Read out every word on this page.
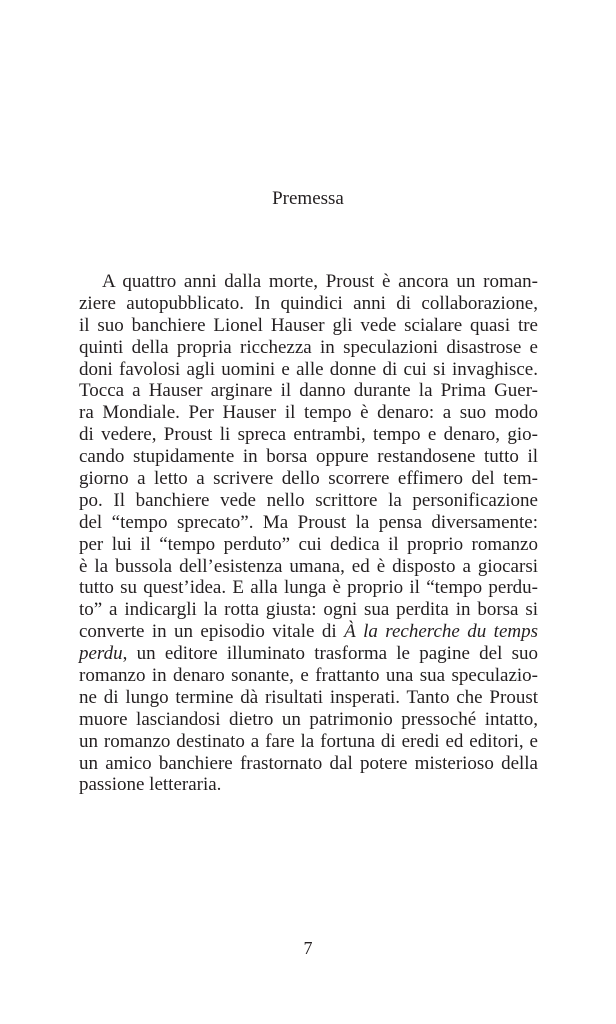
Premessa
A quattro anni dalla morte, Proust è ancora un roman-
ziere autopubblicato. In quindici anni di collaborazione,
il suo banchiere Lionel Hauser gli vede scialare quasi tre
quinti della propria ricchezza in speculazioni disastrose e
doni favolosi agli uomini e alle donne di cui si invaghisce.
Tocca a Hauser arginare il danno durante la Prima Guer-
ra Mondiale. Per Hauser il tempo è denaro: a suo modo
di vedere, Proust li spreca entrambi, tempo e denaro, gio-
cando stupidamente in borsa oppure restandosene tutto il
giorno a letto a scrivere dello scorrere effimero del tem-
po. Il banchiere vede nello scrittore la personificazione
del “tempo sprecato”. Ma Proust la pensa diversamente:
per lui il “tempo perduto” cui dedica il proprio romanzo
è la bussola dell’esistenza umana, ed è disposto a giocarsi
tutto su quest’idea. E alla lunga è proprio il “tempo perdu-
to” a indicargli la rotta giusta: ogni sua perdita in borsa si
converte in un episodio vitale di À la recherche du temps
perdu, un editore illuminato trasforma le pagine del suo
romanzo in denaro sonante, e frattanto una sua speculazio-
ne di lungo termine dà risultati insperati. Tanto che Proust
muore lasciandosi dietro un patrimonio pressoché intatto,
un romanzo destinato a fare la fortuna di eredi ed editori, e
un amico banchiere frastornato dal potere misterioso della
passione letteraria.
7
